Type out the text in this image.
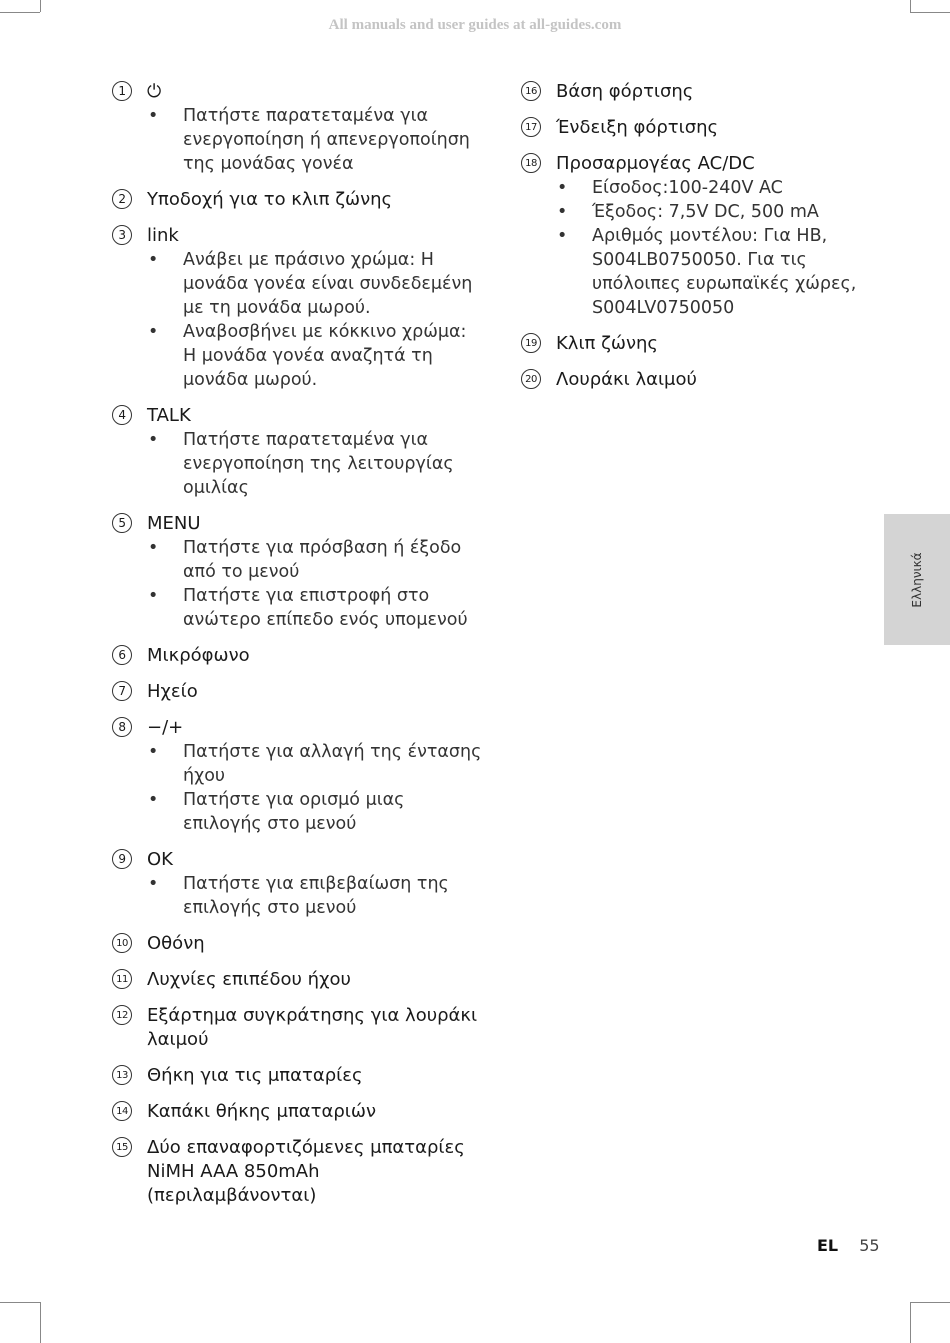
All manuals and user guides at all-guides.com
1	⏻
• Πατήστε παρατεταμένα για ενεργοποίηση ή απενεργοποίηση της μονάδας γονέα
2	Υποδοχή για το κλιπ ζώνης
3	link
• Ανάβει με πράσινο χρώμα: Η μονάδα γονέα είναι συνδεδεμένη με τη μονάδα μωρού.
• Αναβοσβήνει με κόκκινο χρώμα: Η μονάδα γονέα αναζητά τη μονάδα μωρού.
4	TALK
• Πατήστε παρατεταμένα για ενεργοποίηση της λειτουργίας ομιλίας
5	MENU
• Πατήστε για πρόσβαση ή έξοδο από το μενού
• Πατήστε για επιστροφή στο ανώτερο επίπεδο ενός υπομενού
6	Μικρόφωνο
7	Ηχείο
8	−/+
• Πατήστε για αλλαγή της έντασης ήχου
• Πατήστε για ορισμό μιας επιλογής στο μενού
9	OK
• Πατήστε για επιβεβαίωση της επιλογής στο μενού
10 Οθόνη
11 Λυχνίες επιπέδου ήχου
12 Εξάρτημα συγκράτησης για λουράκι λαιμού
13 Θήκη για τις μπαταρίες
14 Καπάκι θήκης μπαταριών
15 Δύο επαναφορτιζόμενες μπαταρίες NiMH AAA 850mAh (περιλαμβάνονται)
16 Βάση φόρτισης
17 Ένδειξη φόρτισης
18 Προσαρμογέας AC/DC
• Είσοδος:100-240V AC
• Έξοδος: 7,5V DC, 500 mA
• Αριθμός μοντέλου: Για ΗΒ, S004LB0750050. Για τις υπόλοιπες ευρωπαϊκές χώρες, S004LV0750050
19 Κλιπ ζώνης
20 Λουράκι λαιμού
Ελληνικά
EL 55
